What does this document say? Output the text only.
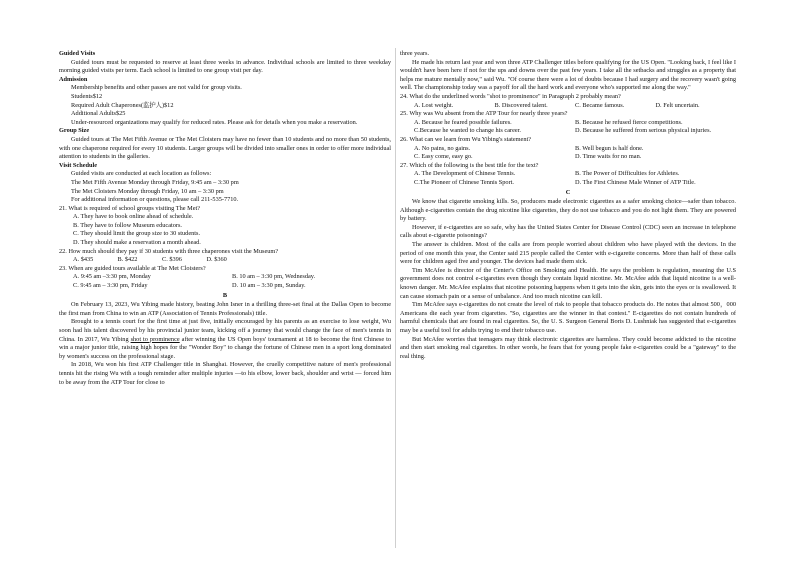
Guided Visits

Guided tours must be requested to reserve at least three weeks in advance. Individual schools are limited to three weekday morning guided visits per term. Each school is limited to one group visit per day.

Admission

Membership benefits and other passes are not valid for group visits.

Students$12

Required Adult Chaperones(监护人)$12

Additional Adults$25

Under-resourced organizations may qualify for reduced rates. Please ask for details when you make a reservation.

Group Size

Guided tours at The Met Fifth Avenue or The Met Cloisters may have no fewer than 10 students and no more than 50 students, with one chaperone required for every 10 students. Larger groups will be divided into smaller ones in order to offer more individual attention to students in the galleries.

Visit Schedule

Guided visits are conducted at each location as follows:

The Met Fifth Avenue Monday through Friday, 9:45 am – 3:30 pm

The Met Cloisters Monday through Friday, 10 am – 3:30 pm

For additional information or questions, please call 211-535-7710.

21. What is required of school groups visiting The Met?

A. They have to book online ahead of schedule.

B. They have to follow Museum educators.

C. They should limit the group size to 30 students.

D. They should make a reservation a month ahead.

22. How much should they pay if 30 students with three chaperones visit the Museum?

A. $435	B. $422	C. $396	D. $360

23. When are guided tours available at The Met Cloisters?

A. 9:45 am –3:30 pm, Monday	B. 10 am – 3:30 pm, Wednesday.

C. 9:45 am – 3:30 pm, Friday	D. 10 am – 3:30 pm, Sunday.

B

On February 13, 2023, Wu Yibing made history, beating John Isner in a thrilling three-set final at the Dallas Open to become the first man from China to win an ATP (Association of Tennis Professionals) title.

Brought to a tennis court for the first time at just five, initially encouraged by his parents as an exercise to lose weight, Wu soon had his talent discovered by his provincial junior team, kicking off a journey that would change the face of men's tennis in China. In 2017, Wu Yibing shot to prominence after winning the US Open boys' tournament at 18 to become the first Chinese to win a major junior title, raising high hopes for the "Wonder Boy" to change the fortune of Chinese men in a sport long dominated by women's success on the professional stage.

In 2018, Wu won his first ATP Challenger title in Shanghai. However, the cruelly competitive nature of men's professional tennis hit the rising Wu with a tough reminder after multiple injuries —to his elbow, lower back, shoulder and wrist — forced him to be away from the ATP Tour for close to

three years.

He made his return last year and won three ATP Challenger titles before qualifying for the US Open. "Looking back, I feel like I wouldn't have been here if not for the ups and downs over the past few years. I take all the setbacks and struggles as a property that helps me mature mentally now," said Wu. "Of course there were a lot of doubts because I had surgery and the recovery wasn't going well. The championship today was a payoff for all the hard work and everyone who's supported me along the way."

24. What do the underlined words "shot to prominence" in Paragraph 2 probably mean?

A. Lost weight.	B. Discovered talent.	C. Became famous.	D. Felt uncertain.

25. Why was Wu absent from the ATP Tour for nearly three years?

A. Because he feared possible failures.	B. Because he refused fierce competitions.

C.Because he wanted to change his career.	D. Because he suffered from serious physical injuries.

26. What can we learn from Wu Yibing's statement?

A. No pains, no gains.	B. Well begun is half done.

C. Easy come, easy go.	D. Time waits for no man.

27. Which of the following is the best title for the text?

A. The Development of Chinese Tennis.	B. The Power of Difficulties for Athletes.

C.The Pioneer of Chinese Tennis Sport.	D. The First Chinese Male Winner of ATP Title.

C

We know that cigarette smoking kills. So, producers made electronic cigarettes as a safer smoking choice—safer than tobacco. Although e-cigarettes contain the drug nicotine like cigarettes, they do not use tobacco and you do not light them. They are powered by battery.

However, if e-cigarettes are so safe, why has the United States Center for Disease Control (CDC) seen an increase in telephone calls about e-cigarette poisonings?

The answer is children. Most of the calls are from people worried about children who have played with the devices. In the period of one month this year, the Center said 215 people called the Center with e-cigarette concerns. More than half of these calls were for children aged five and younger. The devices had made them sick.

Tim McAfee is director of the Center's Office on Smoking and Health. He says the problem is regulation, meaning the U.S government does not control e-cigarettes even though they contain liquid nicotine. Mr. McAfee adds that liquid nicotine is a well-known danger. Mr. McAfee explains that nicotine poisoning happens when it gets into the skin, gets into the eyes or is swallowed. It can cause stomach pain or a sense of unbalance. And too much nicotine can kill.

Tim McAfee says e-cigarettes do not create the level of risk to people that tobacco products do. He notes that almost 500，000 Americans die each year from cigarettes. "So, cigarettes are the winner in that contest." E-cigarettes do not contain hundreds of harmful chemicals that are found in real cigarettes. So, the U. S. Surgeon General Boris D. Lushniak has suggested that e-cigarettes may be a useful tool for adults trying to end their tobacco use.

But McAfee worries that teenagers may think electronic cigarettes are harmless. They could become addicted to the nicotine and then start smoking real cigarettes. In other words, he fears that for young people fake e-cigarettes could be a "gateway" to the real thing.
